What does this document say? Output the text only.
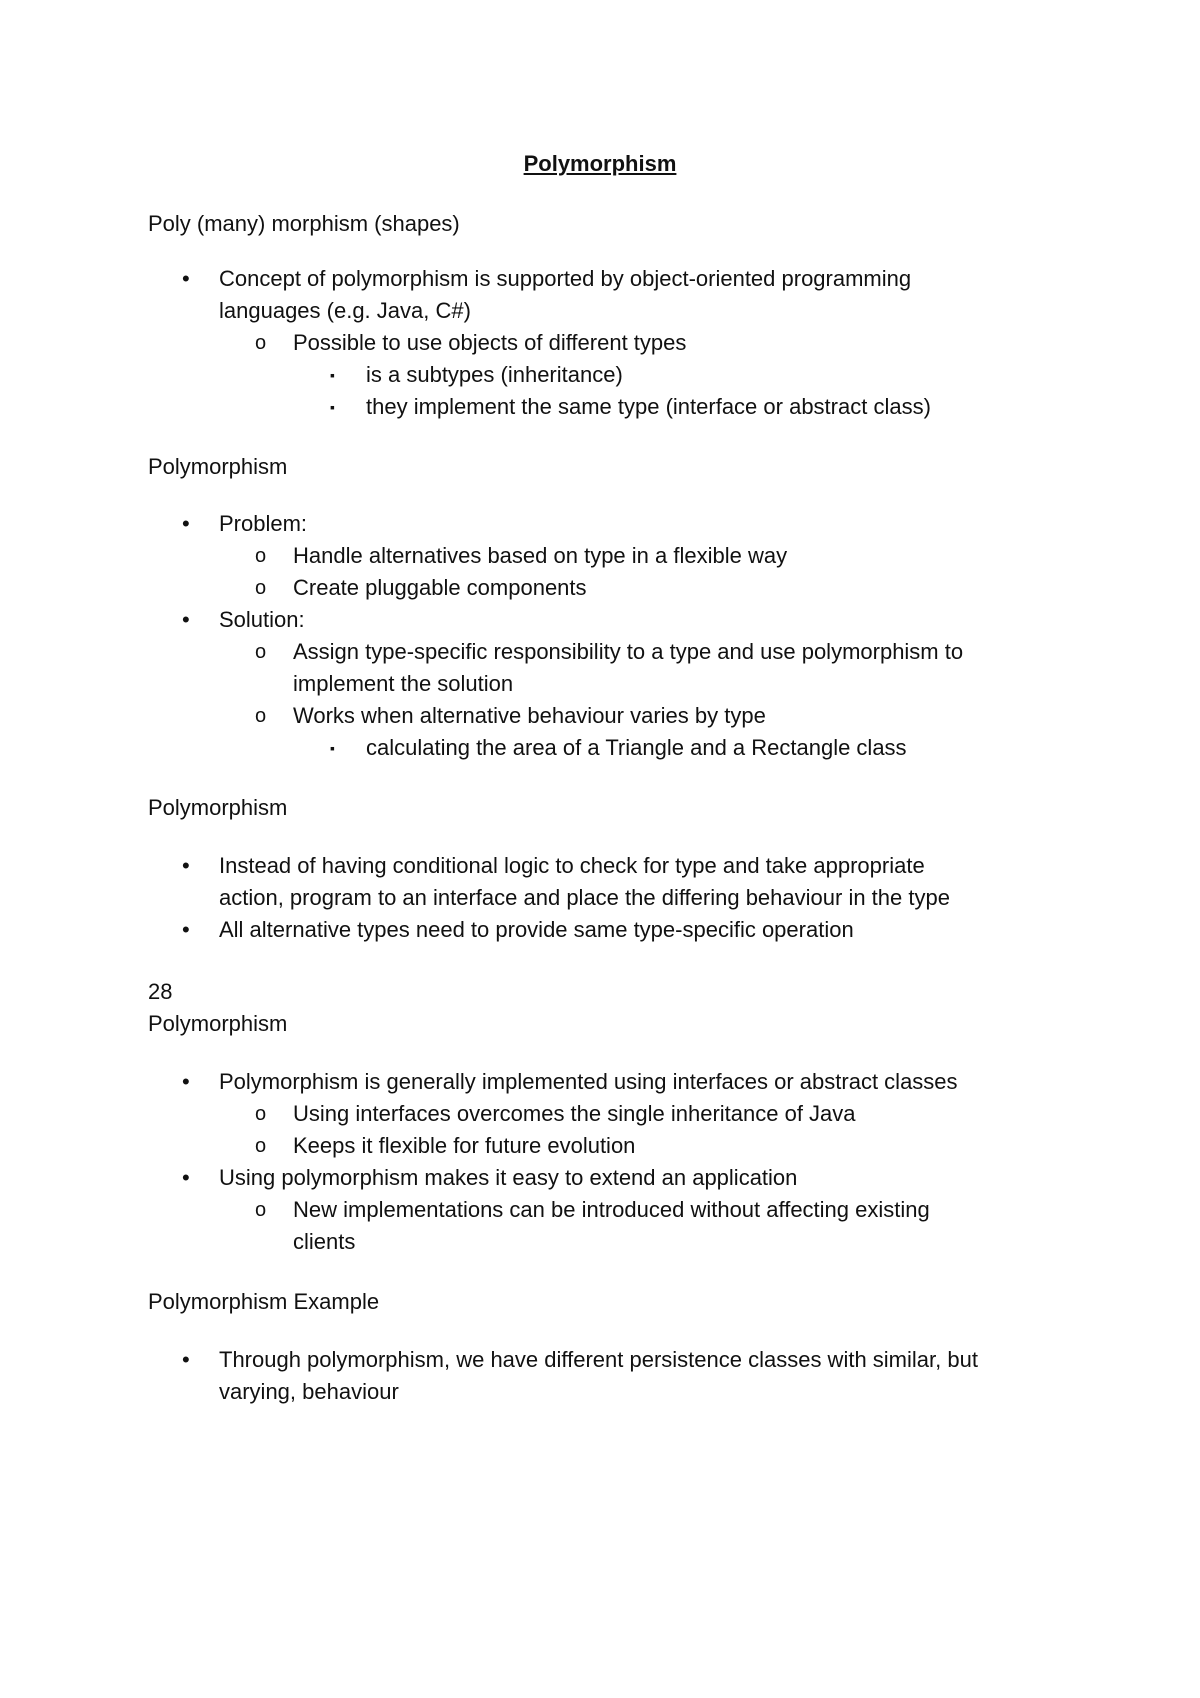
Polymorphism
Poly (many) morphism (shapes)
• Concept of polymorphism is supported by object-oriented programming
languages (e.g. Java, C#)
o Possible to use objects of different types
▪ is a subtypes (inheritance)
▪ they implement the same type (interface or abstract class)
Polymorphism
• Problem:
o Handle alternatives based on type in a flexible way
o Create pluggable components
• Solution:
o Assign type-specific responsibility to a type and use polymorphism to
implement the solution
o Works when alternative behaviour varies by type
▪ calculating the area of a Triangle and a Rectangle class
Polymorphism
• Instead of having conditional logic to check for type and take appropriate
action, program to an interface and place the differing behaviour in the type
• All alternative types need to provide same type-specific operation
28
Polymorphism
• Polymorphism is generally implemented using interfaces or abstract classes
o Using interfaces overcomes the single inheritance of Java
o Keeps it flexible for future evolution
• Using polymorphism makes it easy to extend an application
o New implementations can be introduced without affecting existing
clients
Polymorphism Example
• Through polymorphism, we have different persistence classes with similar, but
varying, behaviour
